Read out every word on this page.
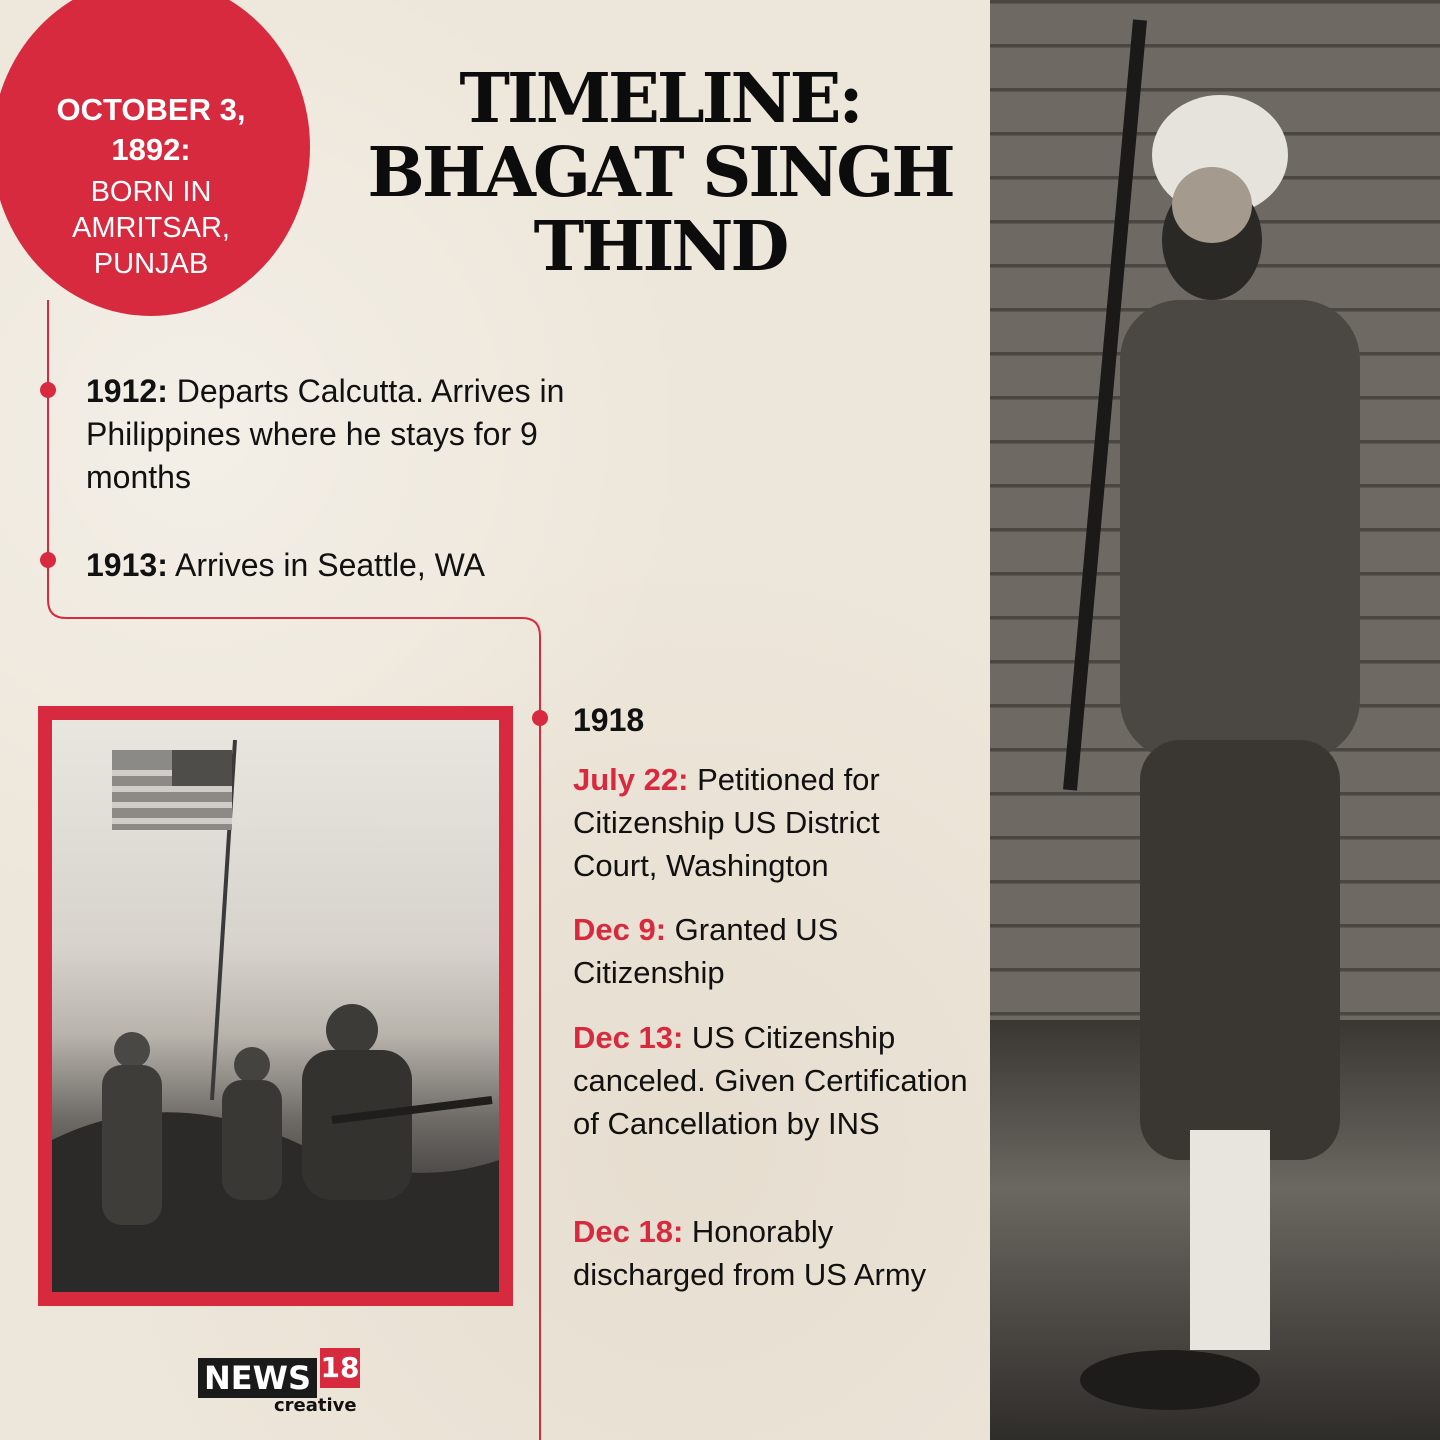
OCTOBER 3, 1892:
BORN IN AMRITSAR, PUNJAB
TIMELINE:
BHAGAT SINGH
THIND
1912: Departs Calcutta. Arrives in Philippines where he stays for 9 months
1913: Arrives in Seattle, WA
1918
July 22: Petitioned for Citizenship US District Court, Washington
Dec 9: Granted US Citizenship
Dec 13: US Citizenship canceled. Given Certification of Cancellation by INS
Dec 18: Honorably discharged from US Army
NEWS 18
creative
